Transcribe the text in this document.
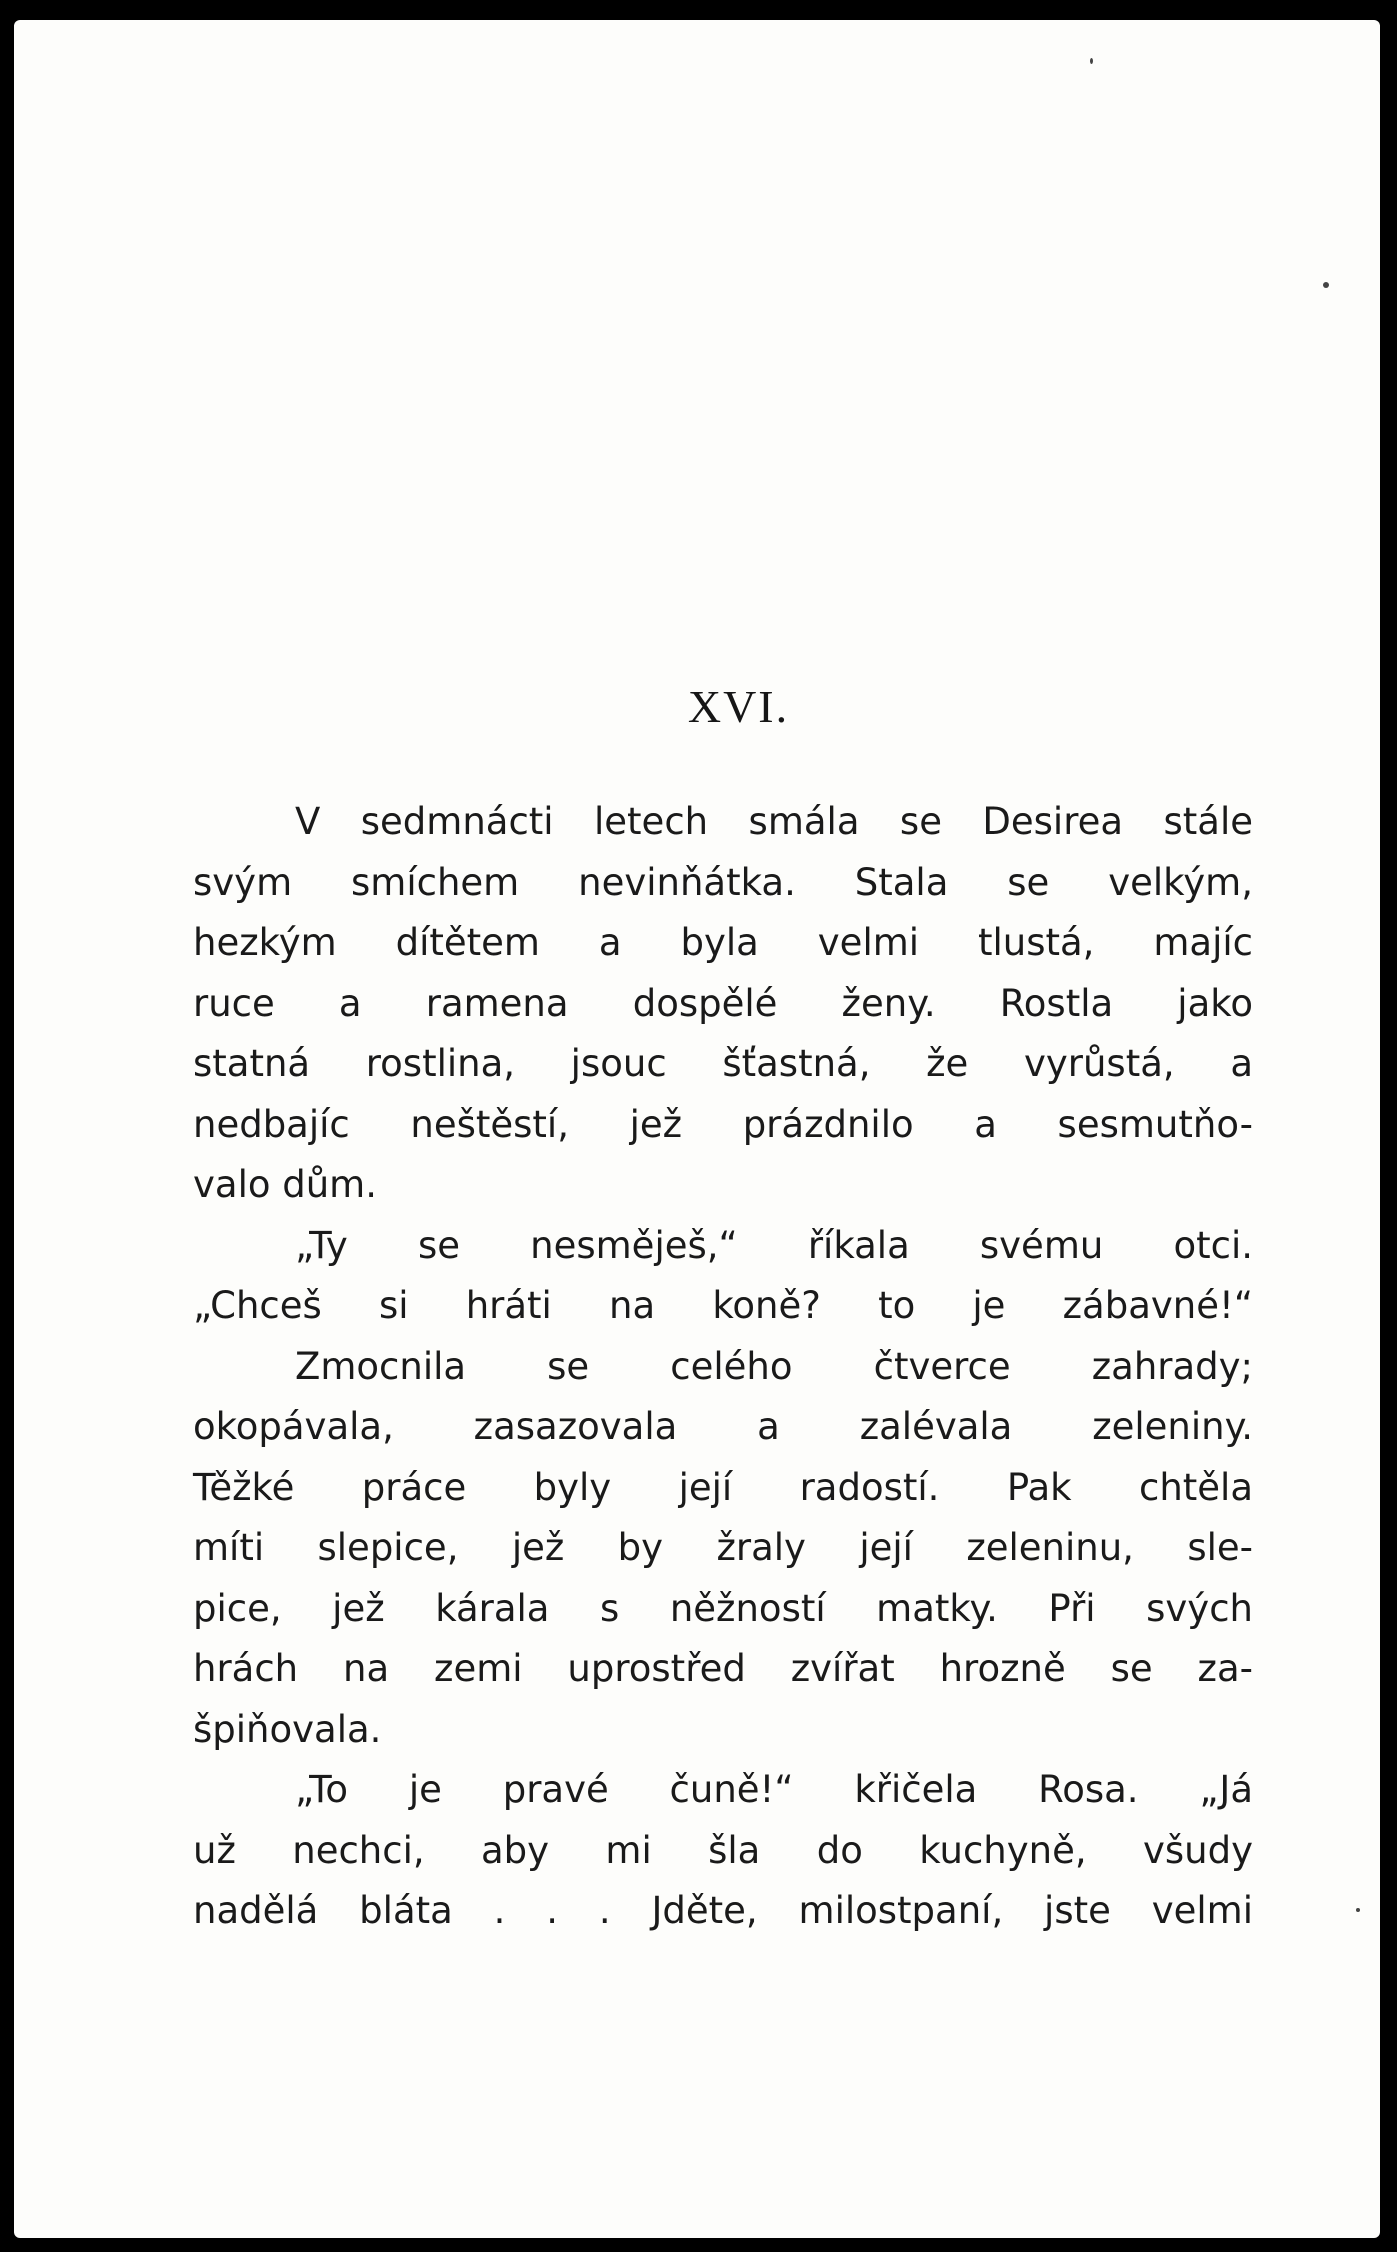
XVI.
V sedmnácti letech smála se Desirea stále
svým smíchem nevinňátka. Stala se velkým,
hezkým dítětem a byla velmi tlustá, majíc
ruce a ramena dospělé ženy. Rostla jako
statná rostlina, jsouc šťastná, že vyrůstá, a
nedbajíc neštěstí, jež prázdnilo a sesmutňo-
valo dům.
„Ty se nesměješ,“ říkala svému otci.
„Chceš si hráti na koně? to je zábavné!“
Zmocnila se celého čtverce zahrady;
okopávala, zasazovala a zalévala zeleniny.
Těžké práce byly její radostí. Pak chtěla
míti slepice, jež by žraly její zeleninu, sle-
pice, jež kárala s něžností matky. Při svých
hrách na zemi uprostřed zvířat hrozně se za-
špiňovala.
„To je pravé čuně!“ křičela Rosa. „Já
už nechci, aby mi šla do kuchyně, všudy
nadělá bláta . . . Jděte, milostpaní, jste velmi
